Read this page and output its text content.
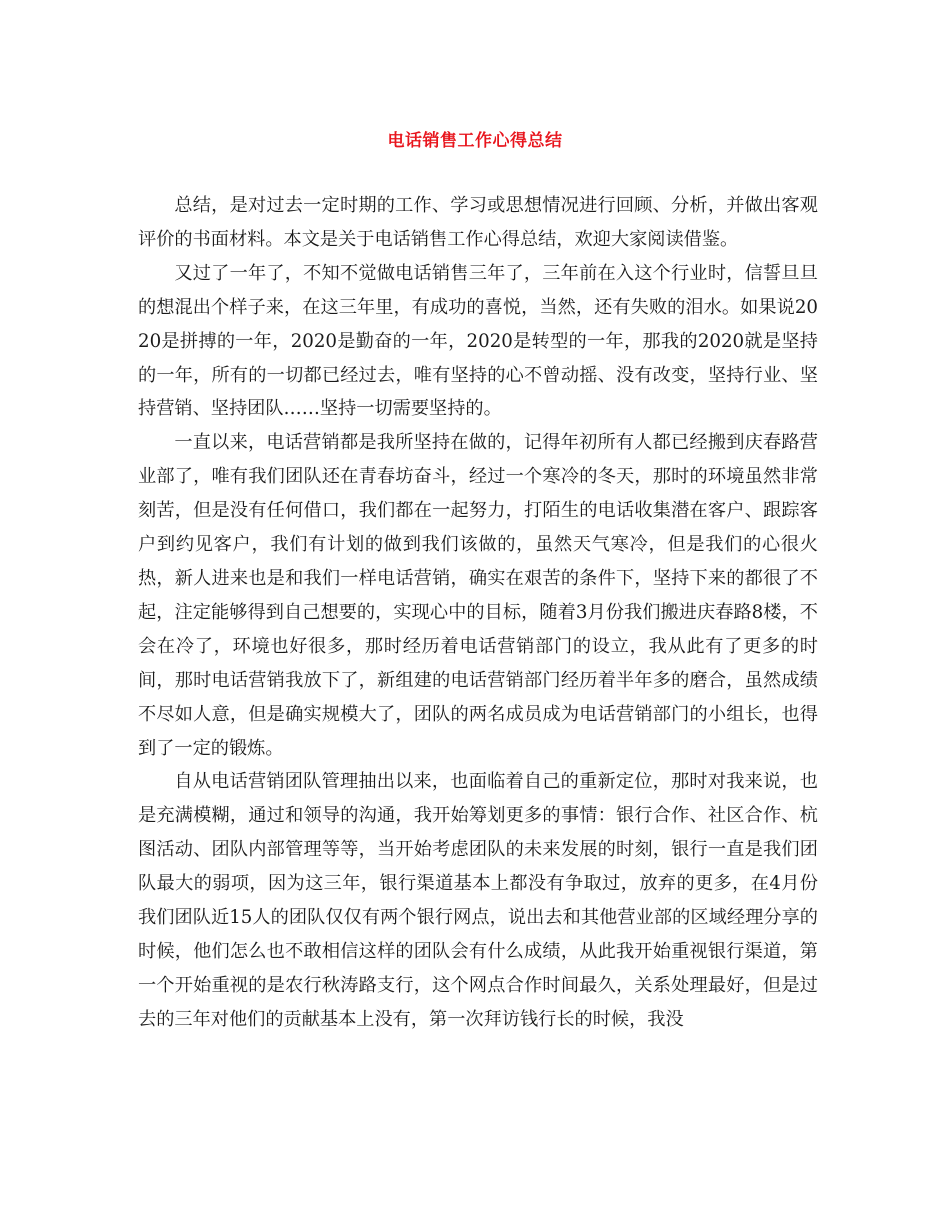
电话销售工作心得总结

总结，是对过去一定时期的工作、学习或思想情况进行回顾、分析，并做出客观评价的书面材料。本文是关于电话销售工作心得总结，欢迎大家阅读借鉴。

又过了一年了，不知不觉做电话销售三年了，三年前在入这个行业时，信誓旦旦的想混出个样子来，在这三年里，有成功的喜悦，当然，还有失败的泪水。如果说2020是拼搏的一年，2020是勤奋的一年，2020是转型的一年，那我的2020就是坚持的一年，所有的一切都已经过去，唯有坚持的心不曾动摇、没有改变，坚持行业、坚持营销、坚持团队……坚持一切需要坚持的。

一直以来，电话营销都是我所坚持在做的，记得年初所有人都已经搬到庆春路营业部了，唯有我们团队还在青春坊奋斗，经过一个寒冷的冬天，那时的环境虽然非常刻苦，但是没有任何借口，我们都在一起努力，打陌生的电话收集潜在客户、跟踪客户到约见客户，我们有计划的做到我们该做的，虽然天气寒冷，但是我们的心很火热，新人进来也是和我们一样电话营销，确实在艰苦的条件下，坚持下来的都很了不起，注定能够得到自己想要的，实现心中的目标，随着3月份我们搬进庆春路8楼，不会在冷了，环境也好很多，那时经历着电话营销部门的设立，我从此有了更多的时间，那时电话营销我放下了，新组建的电话营销部门经历着半年多的磨合，虽然成绩不尽如人意，但是确实规模大了，团队的两名成员成为电话营销部门的小组长，也得到了一定的锻炼。

自从电话营销团队管理抽出以来，也面临着自己的重新定位，那时对我来说，也是充满模糊，通过和领导的沟通，我开始筹划更多的事情：银行合作、社区合作、杭图活动、团队内部管理等等，当开始考虑团队的未来发展的时刻，银行一直是我们团队最大的弱项，因为这三年，银行渠道基本上都没有争取过，放弃的更多，在4月份我们团队近15人的团队仅仅有两个银行网点，说出去和其他营业部的区域经理分享的时候，他们怎么也不敢相信这样的团队会有什么成绩，从此我开始重视银行渠道，第一个开始重视的是农行秋涛路支行，这个网点合作时间最久，关系处理最好，但是过去的三年对他们的贡献基本上没有，第一次拜访钱行长的时候，我没
